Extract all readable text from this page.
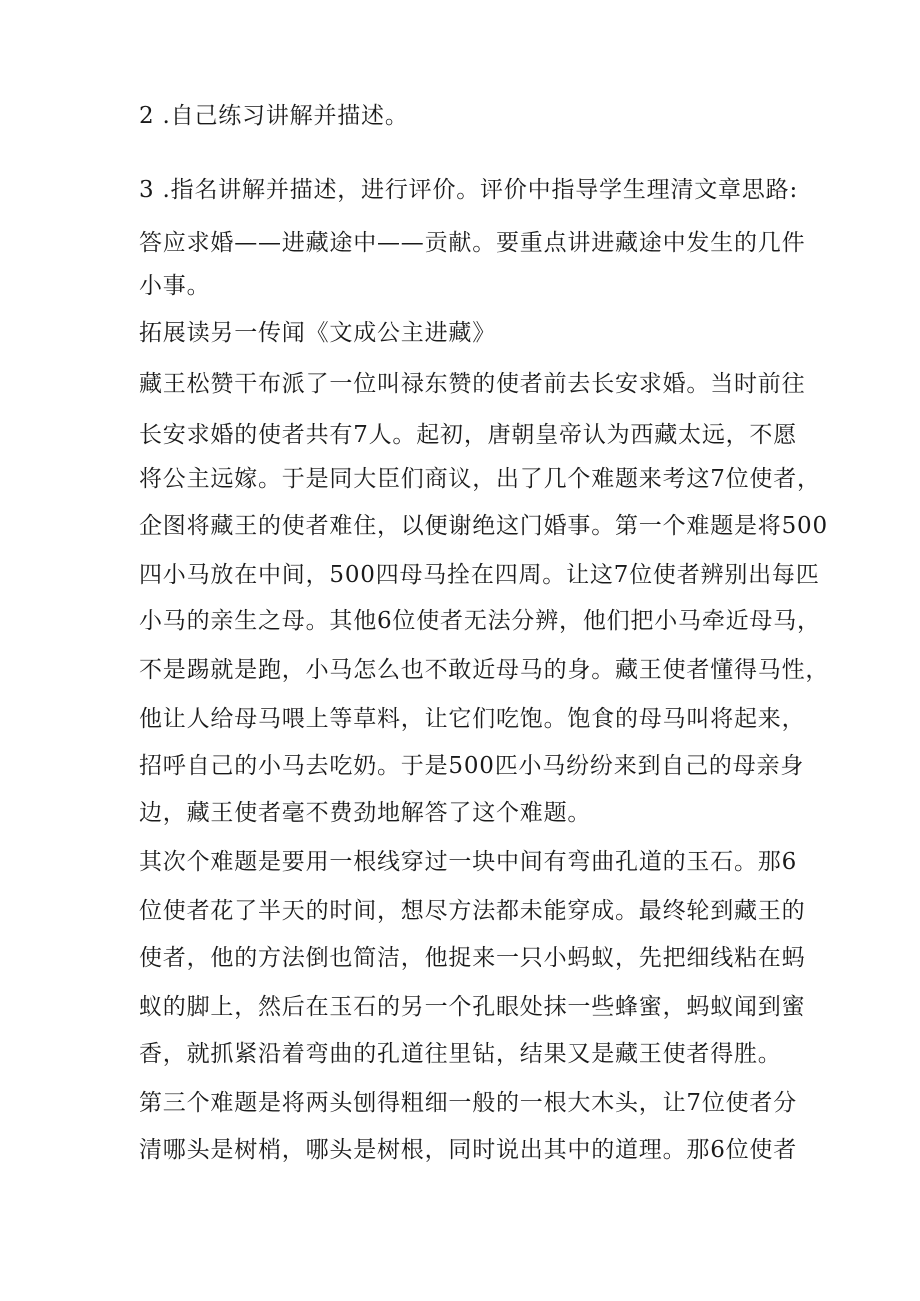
2 .自己练习讲解并描述。
3 .指名讲解并描述，进行评价。评价中指导学生理清文章思路:
答应求婚——进藏途中——贡献。要重点讲进藏途中发生的几件
小事。
拓展读另一传闻《文成公主进藏》
藏王松赞干布派了一位叫禄东赞的使者前去长安求婚。当时前往
长安求婚的使者共有7人。起初，唐朝皇帝认为西藏太远，不愿
将公主远嫁。于是同大臣们商议，出了几个难题来考这7位使者，
企图将藏王的使者难住，以便谢绝这门婚事。第一个难题是将500
四小马放在中间，500四母马拴在四周。让这7位使者辨别出每匹
小马的亲生之母。其他6位使者无法分辨，他们把小马牵近母马，
不是踢就是跑，小马怎么也不敢近母马的身。藏王使者懂得马性，
他让人给母马喂上等草料，让它们吃饱。饱食的母马叫将起来，
招呼自己的小马去吃奶。于是500匹小马纷纷来到自己的母亲身
边，藏王使者毫不费劲地解答了这个难题。
其次个难题是要用一根线穿过一块中间有弯曲孔道的玉石。那6
位使者花了半天的时间，想尽方法都未能穿成。最终轮到藏王的
使者，他的方法倒也简洁，他捉来一只小蚂蚁，先把细线粘在蚂
蚁的脚上，然后在玉石的另一个孔眼处抹一些蜂蜜，蚂蚁闻到蜜
香，就抓紧沿着弯曲的孔道往里钻，结果又是藏王使者得胜。
第三个难题是将两头刨得粗细一般的一根大木头，让7位使者分
清哪头是树梢，哪头是树根，同时说出其中的道理。那6位使者
